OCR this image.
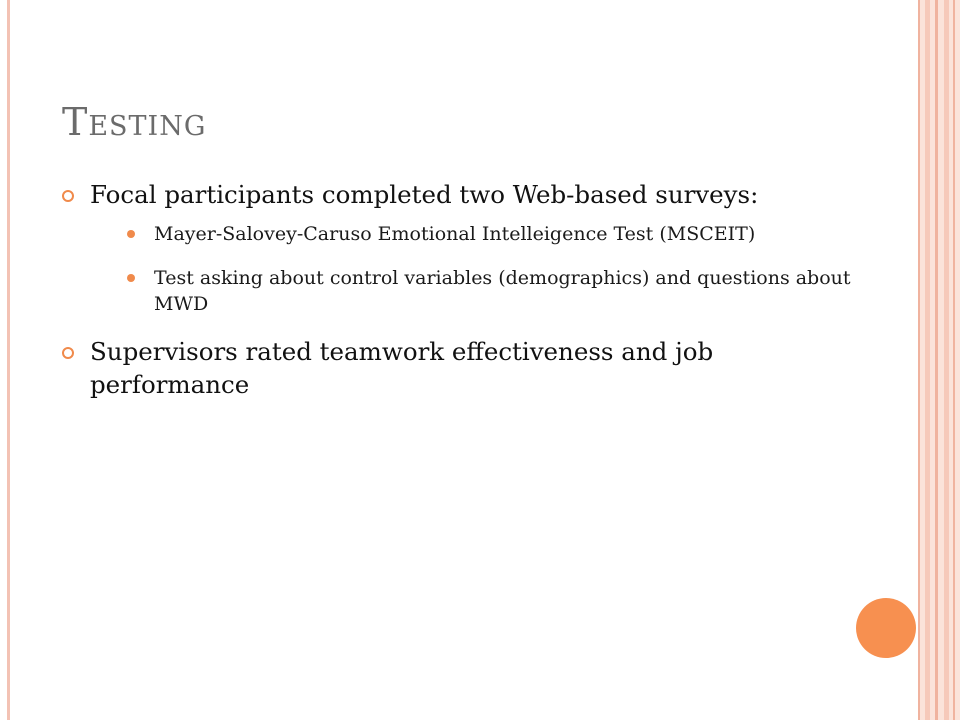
Testing
Focal participants completed two Web-based surveys:
Mayer-Salovey-Caruso Emotional Intelleigence Test (MSCEIT)
Test asking about control variables (demographics) and questions about MWD
Supervisors rated teamwork effectiveness and job performance
